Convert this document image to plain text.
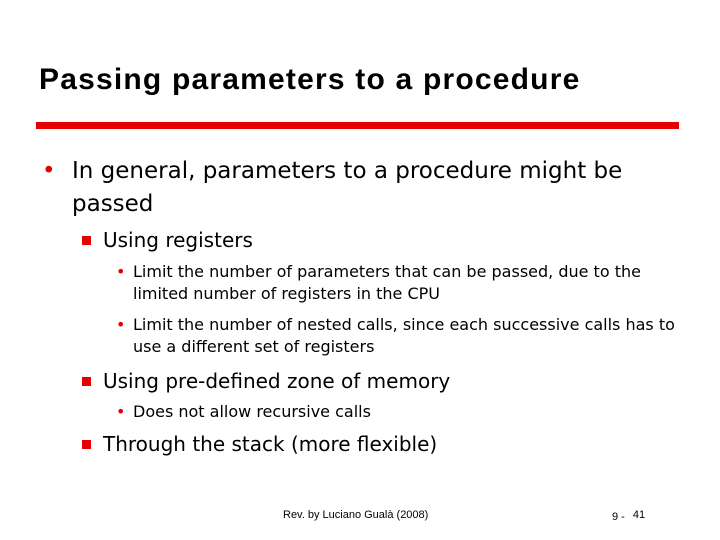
Passing parameters to a procedure
• In general, parameters to a procedure might be passed
Using registers
• Limit the number of parameters that can be passed, due to the limited number of registers in the CPU
• Limit the number of nested calls, since each successive calls has to use a different set of registers
Using pre-defined zone of memory
• Does not allow recursive calls
Through the stack (more flexible)
Rev. by Luciano Gualà (2008)	9 - 41
